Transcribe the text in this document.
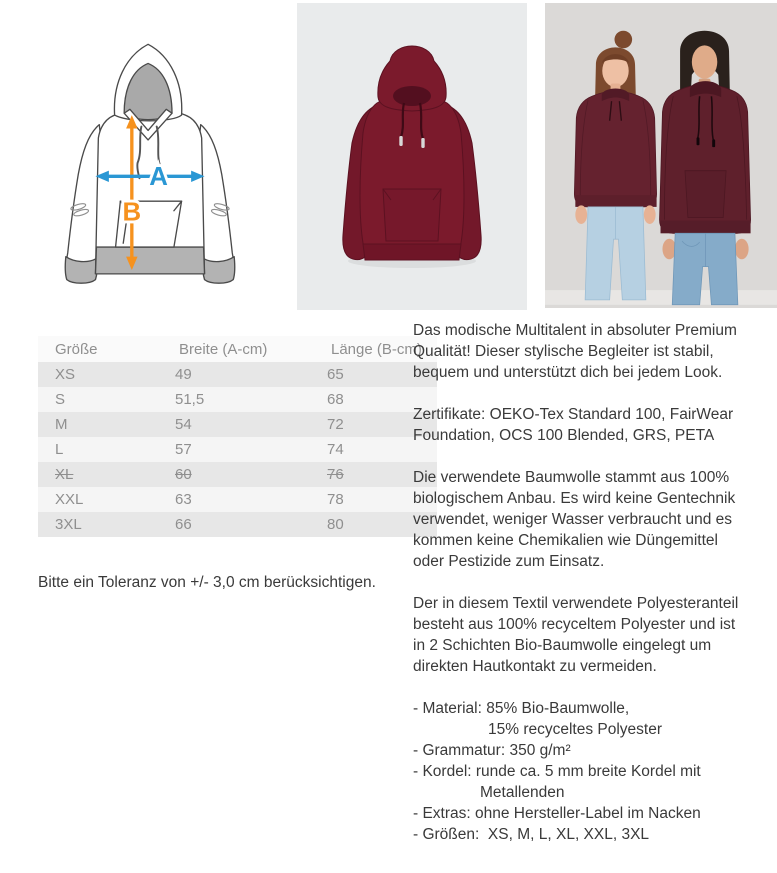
A
B
Größe	Breite (A-cm)	Länge (B-cm)
XS	49	65
S	51,5	68
M	54	72
L	57	74
XL	60	76
XXL	63	78
3XL	66	80

Bitte ein Toleranz von +/- 3,0 cm berücksichtigen.

Das modische Multitalent in absoluter Premium Qualität! Dieser stylische Begleiter ist stabil, bequem und unterstützt dich bei jedem Look.

Zertifikate: OEKO-Tex Standard 100, FairWear Foundation, OCS 100 Blended, GRS, PETA

Die verwendete Baumwolle stammt aus 100% biologischem Anbau. Es wird keine Gentechnik verwendet, weniger Wasser verbraucht und es kommen keine Chemikalien wie Düngemittel oder Pestizide zum Einsatz.

Der in diesem Textil verwendete Polyesteranteil besteht aus 100% recyceltem Polyester und ist in 2 Schichten Bio-Baumwolle eingelegt um direkten Hautkontakt zu vermeiden.

- Material: 85% Bio-Baumwolle,
15% recyceltes Polyester
- Grammatur: 350 g/m²
- Kordel: runde ca. 5 mm breite Kordel mit
Metallenden
- Extras: ohne Hersteller-Label im Nacken
- Größen:  XS, M, L, XL, XXL, 3XL
